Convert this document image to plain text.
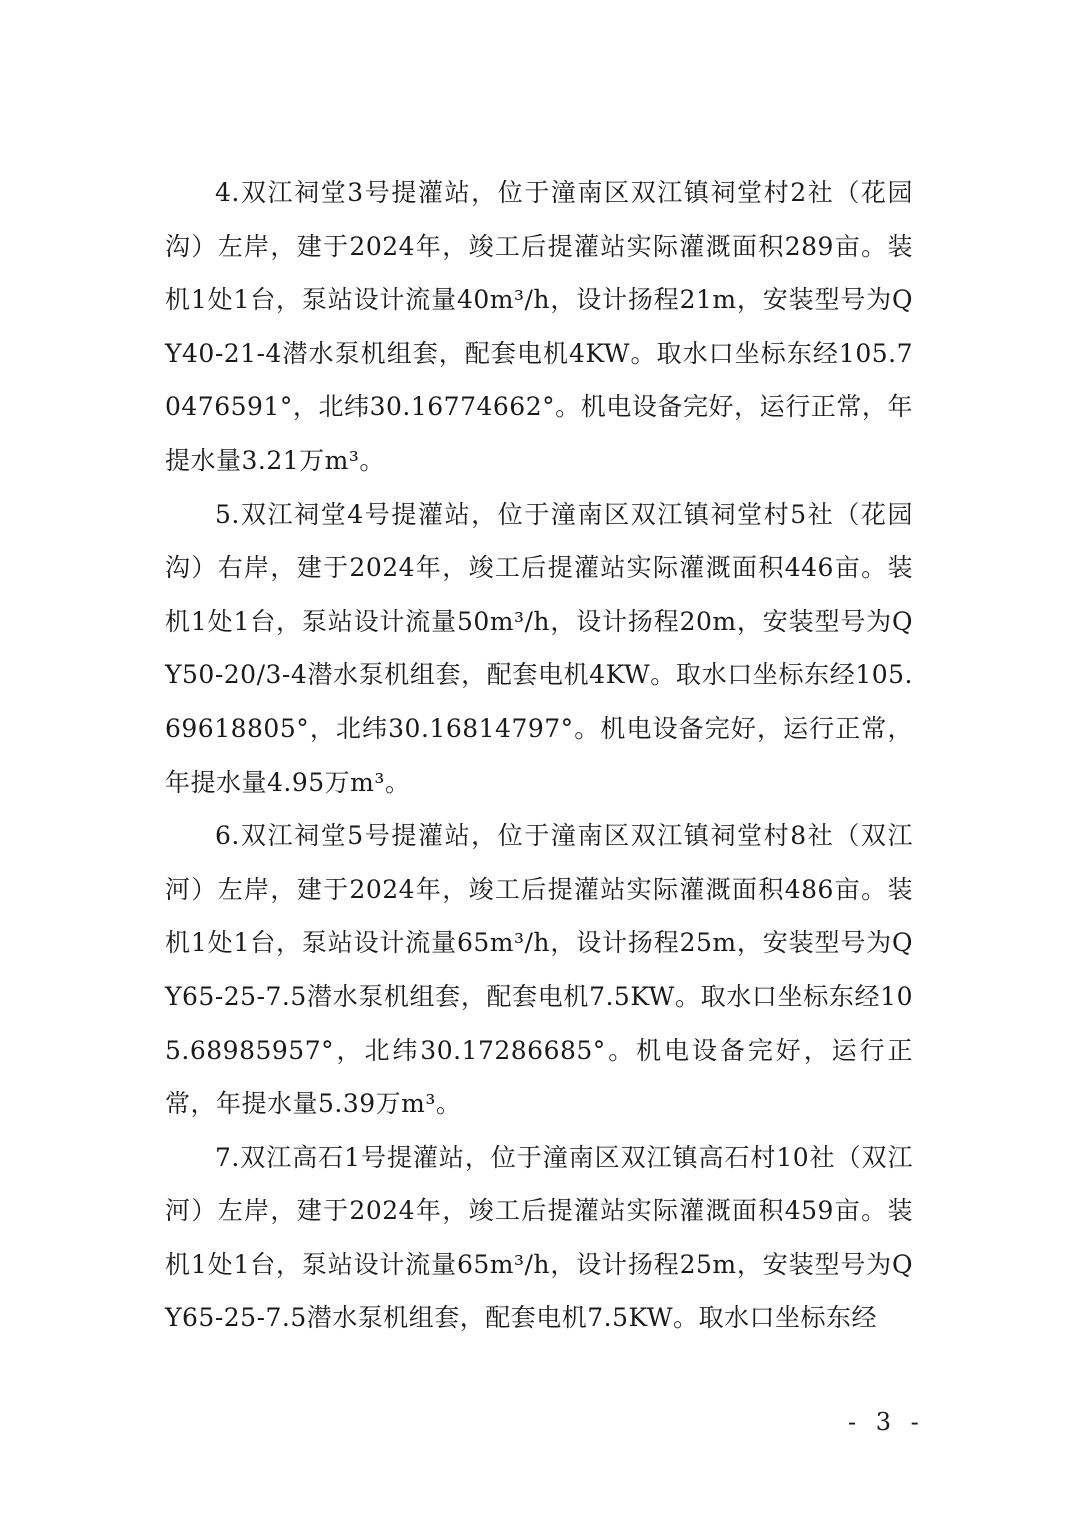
4.双江祠堂3号提灌站，位于潼南区双江镇祠堂村2社（花园沟）左岸，建于2024年，竣工后提灌站实际灌溉面积289亩。装机1处1台，泵站设计流量40m³/h，设计扬程21m，安装型号为QY40-21-4潜水泵机组套，配套电机4KW。取水口坐标东经105.70476591°，北纬30.16774662°。机电设备完好，运行正常，年提水量3.21万m³。

5.双江祠堂4号提灌站，位于潼南区双江镇祠堂村5社（花园沟）右岸，建于2024年，竣工后提灌站实际灌溉面积446亩。装机1处1台，泵站设计流量50m³/h，设计扬程20m，安装型号为QY50-20/3-4潜水泵机组套，配套电机4KW。取水口坐标东经105.69618805°，北纬30.16814797°。机电设备完好，运行正常，年提水量4.95万m³。

6.双江祠堂5号提灌站，位于潼南区双江镇祠堂村8社（双江河）左岸，建于2024年，竣工后提灌站实际灌溉面积486亩。装机1处1台，泵站设计流量65m³/h，设计扬程25m，安装型号为QY65-25-7.5潜水泵机组套，配套电机7.5KW。取水口坐标东经105.68985957°，北纬30.17286685°。机电设备完好，运行正常，年提水量5.39万m³。

7.双江高石1号提灌站，位于潼南区双江镇高石村10社（双江河）左岸，建于2024年，竣工后提灌站实际灌溉面积459亩。装机1处1台，泵站设计流量65m³/h，设计扬程25m，安装型号为QY65-25-7.5潜水泵机组套，配套电机7.5KW。取水口坐标东经

- 3 -
